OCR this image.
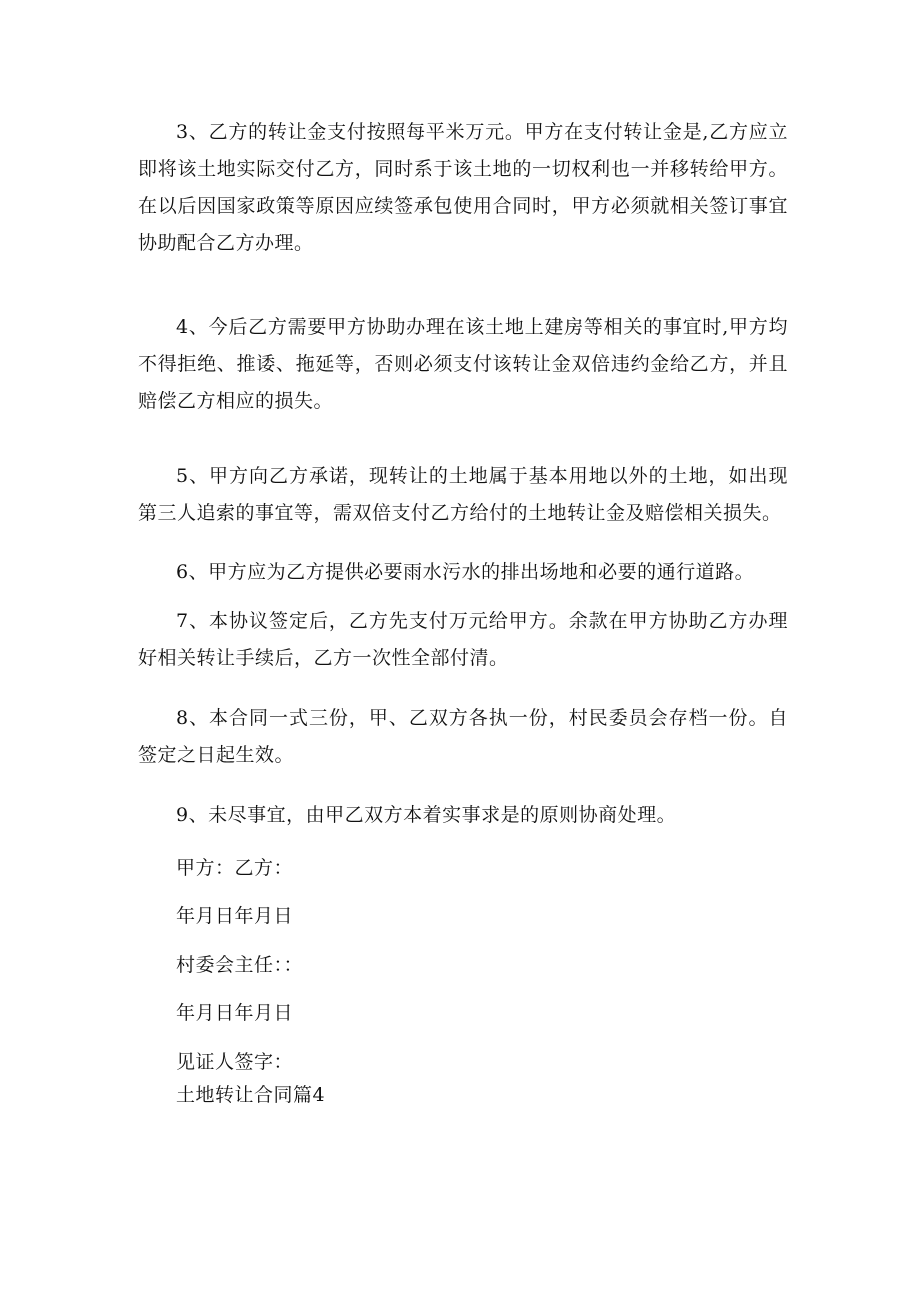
3、乙方的转让金支付按照每平米万元。甲方在支付转让金是,乙方应立即将该土地实际交付乙方，同时系于该土地的一切权利也一并移转给甲方。在以后因国家政策等原因应续签承包使用合同时，甲方必须就相关签订事宜协助配合乙方办理。

4、今后乙方需要甲方协助办理在该土地上建房等相关的事宜时,甲方均不得拒绝、推诿、拖延等，否则必须支付该转让金双倍违约金给乙方，并且赔偿乙方相应的损失。

5、甲方向乙方承诺，现转让的土地属于基本用地以外的土地，如出现第三人追索的事宜等，需双倍支付乙方给付的土地转让金及赔偿相关损失。

6、甲方应为乙方提供必要雨水污水的排出场地和必要的通行道路。

7、本协议签定后，乙方先支付万元给甲方。余款在甲方协助乙方办理好相关转让手续后，乙方一次性全部付清。

8、本合同一式三份，甲、乙双方各执一份，村民委员会存档一份。自签定之日起生效。

9、未尽事宜，由甲乙双方本着实事求是的原则协商处理。

甲方：乙方：

年月日年月日

村委会主任：：

年月日年月日

见证人签字：

土地转让合同篇4
